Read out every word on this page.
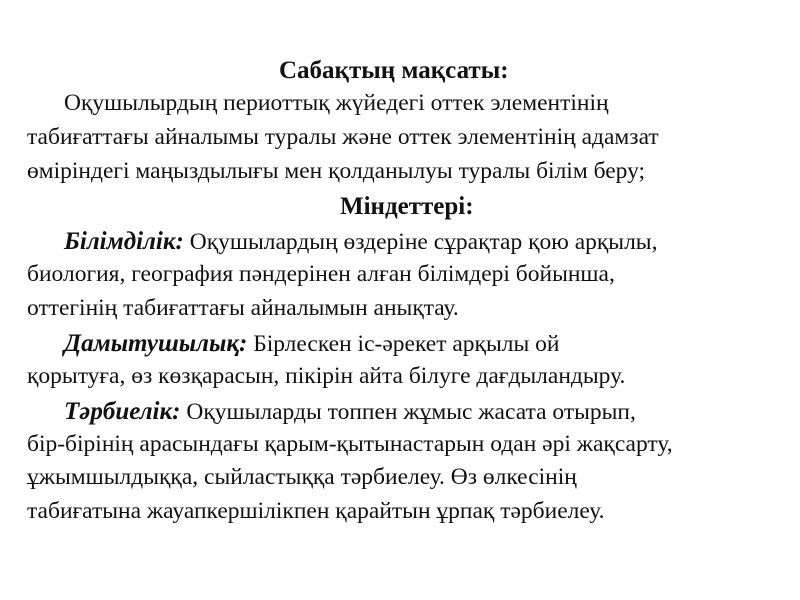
Сабақтың мақсаты:
Оқушылырдың периоттық жүйедегі оттек элементінің
табиғаттағы айналымы туралы және оттек элементінің адамзат
өміріндегі маңыздылығы мен қолданылуы туралы білім беру;
Міндеттері:
Білімділік: Оқушылардың өздеріне сұрақтар қою арқылы,
биология, география пәндерінен алған білімдері бойынша,
оттегінің табиғаттағы айналымын анықтау.
Дамытушылық: Бірлескен іс-әрекет арқылы ой
қорытуға, өз көзқарасын, пікірін айта білуге дағдыландыру.
Тәрбиелік: Оқушыларды топпен жұмыс жасата отырып,
бір-бірінің арасындағы қарым-қытынастарын одан әрі жақсарту,
ұжымшылдыққа, сыйластыққа тәрбиелеу. Өз өлкесінің
табиғатына жауапкершілікпен қарайтын ұрпақ тәрбиелеу.
